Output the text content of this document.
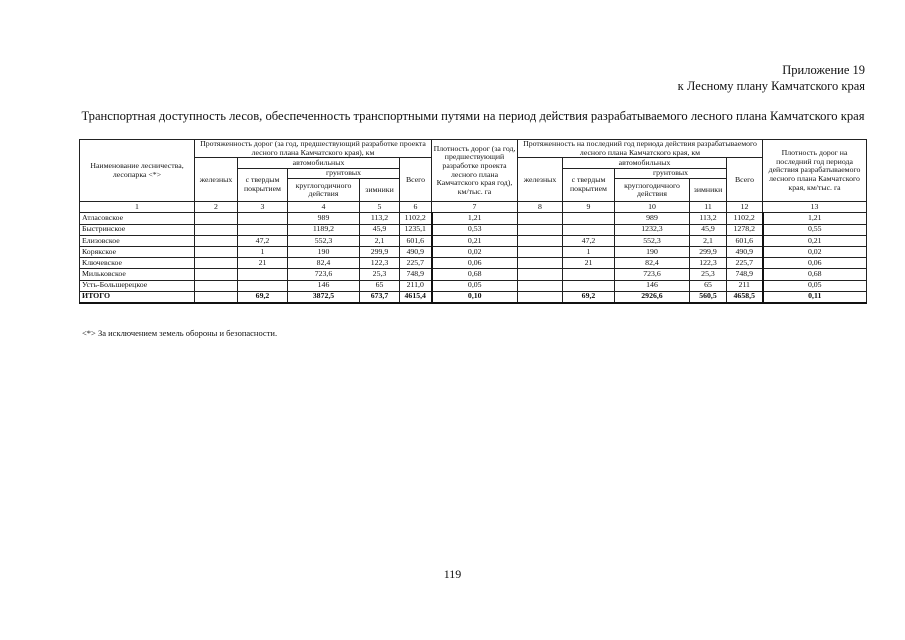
Приложение 19
к Лесному плану Камчатского края
Транспортная доступность лесов, обеспеченность транспортными путями на период действия разрабатываемого лесного плана Камчатского края
Наименование лесничества, лесопарка <*>	Протяженность дорог (за год, предшествующий разработке проекта лесного плана Камчатского края), км					Плотность дорог (за год, предшествующий разработке проекта лесного плана Камчатского края год), км/тыс. га	Протяженность на последний год периода действия разрабатываемого лесного плана Камчатского края, км					Плотность дорог на последний год периода действия разрабатываемого лесного плана Камчатского края, км/тыс. га
	железных	автомобильных			Всего		железных	автомобильных			Всего	
		с твердым покрытием	грунтовых					с твердым покрытием	грунтовых			
			круглогодичного действия	зимники					круглогодичного действия	зимники		
1	2	3	4	5	6	7	8	9	10	11	12	13
Атласовское			989	113,2	1102,2	1,21			989	113,2	1102,2	1,21
Быстринское			1189,2	45,9	1235,1	0,53			1232,3	45,9	1278,2	0,55
Елизовское		47,2	552,3	2,1	601,6	0,21		47,2	552,3	2,1	601,6	0,21
Корякское		1	190	299,9	490,9	0,02		1	190	299,9	490,9	0,02
Ключевское		21	82,4	122,3	225,7	0,06		21	82,4	122,3	225,7	0,06
Мильковское			723,6	25,3	748,9	0,68			723,6	25,3	748,9	0,68
Усть-Большерецкое			146	65	211,0	0,05			146	65	211	0,05
ИТОГО		69,2	3872,5	673,7	4615,4	0,10		69,2	2926,6	560,5	4658,5	0,11
<*> За исключением земель обороны и безопасности.
119
